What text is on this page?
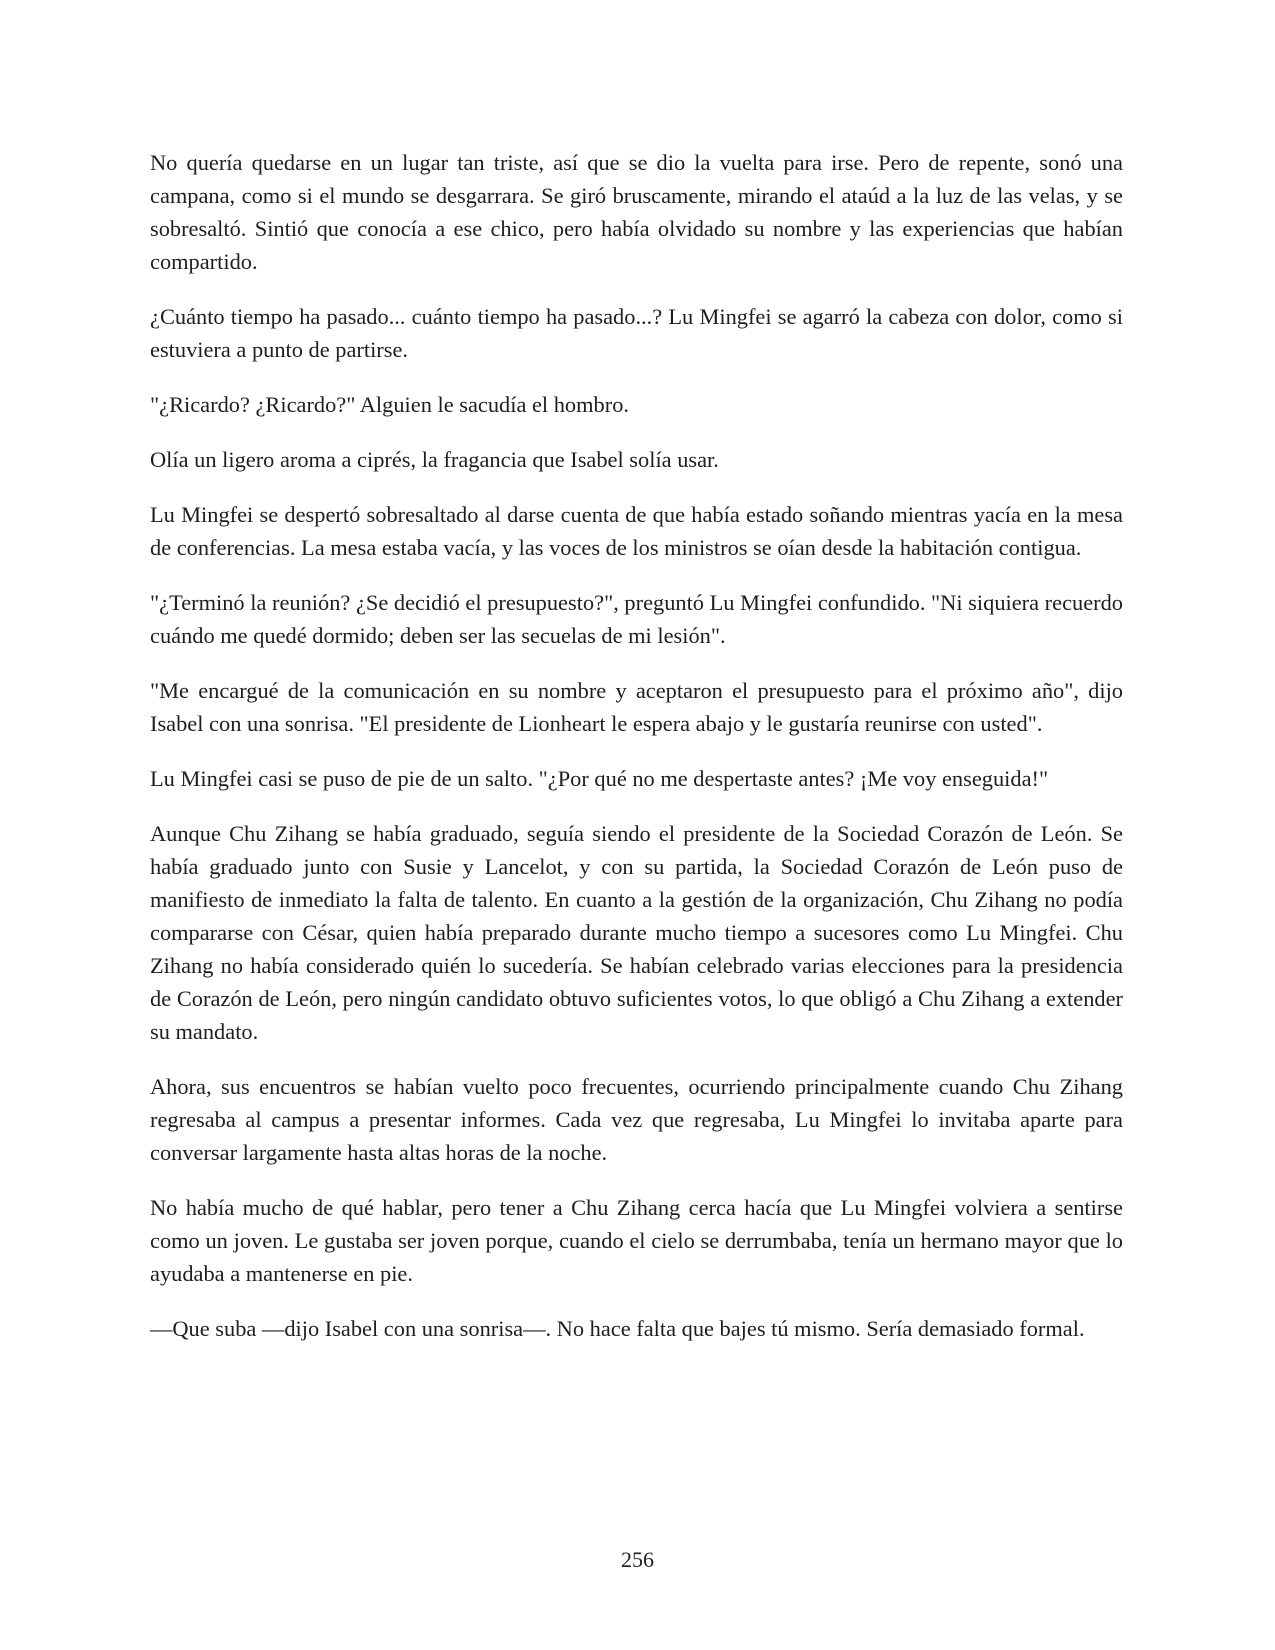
No quería quedarse en un lugar tan triste, así que se dio la vuelta para irse. Pero de repente, sonó una campana, como si el mundo se desgarrara. Se giró bruscamente, mirando el ataúd a la luz de las velas, y se sobresaltó. Sintió que conocía a ese chico, pero había olvidado su nombre y las experiencias que habían compartido.

¿Cuánto tiempo ha pasado... cuánto tiempo ha pasado...? Lu Mingfei se agarró la cabeza con dolor, como si estuviera a punto de partirse.

"¿Ricardo? ¿Ricardo?" Alguien le sacudía el hombro.

Olía un ligero aroma a ciprés, la fragancia que Isabel solía usar.

Lu Mingfei se despertó sobresaltado al darse cuenta de que había estado soñando mientras yacía en la mesa de conferencias. La mesa estaba vacía, y las voces de los ministros se oían desde la habitación contigua.

"¿Terminó la reunión? ¿Se decidió el presupuesto?", preguntó Lu Mingfei confundido. "Ni siquiera recuerdo cuándo me quedé dormido; deben ser las secuelas de mi lesión".

"Me encargué de la comunicación en su nombre y aceptaron el presupuesto para el próximo año", dijo Isabel con una sonrisa. "El presidente de Lionheart le espera abajo y le gustaría reunirse con usted".

Lu Mingfei casi se puso de pie de un salto. "¿Por qué no me despertaste antes? ¡Me voy enseguida!"

Aunque Chu Zihang se había graduado, seguía siendo el presidente de la Sociedad Corazón de León. Se había graduado junto con Susie y Lancelot, y con su partida, la Sociedad Corazón de León puso de manifiesto de inmediato la falta de talento. En cuanto a la gestión de la organización, Chu Zihang no podía compararse con César, quien había preparado durante mucho tiempo a sucesores como Lu Mingfei. Chu Zihang no había considerado quién lo sucedería. Se habían celebrado varias elecciones para la presidencia de Corazón de León, pero ningún candidato obtuvo suficientes votos, lo que obligó a Chu Zihang a extender su mandato.

Ahora, sus encuentros se habían vuelto poco frecuentes, ocurriendo principalmente cuando Chu Zihang regresaba al campus a presentar informes. Cada vez que regresaba, Lu Mingfei lo invitaba aparte para conversar largamente hasta altas horas de la noche.

No había mucho de qué hablar, pero tener a Chu Zihang cerca hacía que Lu Mingfei volviera a sentirse como un joven. Le gustaba ser joven porque, cuando el cielo se derrumbaba, tenía un hermano mayor que lo ayudaba a mantenerse en pie.

—Que suba —dijo Isabel con una sonrisa—. No hace falta que bajes tú mismo. Sería demasiado formal.

256
